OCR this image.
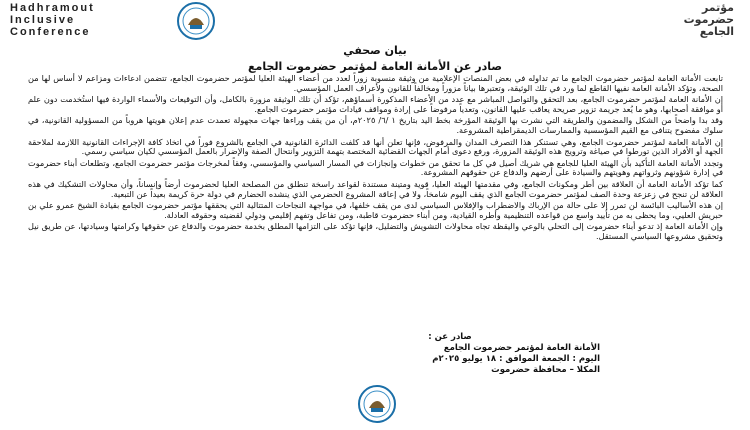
Hadhramout
Inclusive
Conference
مؤتمر
حضرموت
الجامع
بيان صحفي
صادر عن الأمانة العامة لمؤتمر حضرموت الجامع

تابعت الأمانة العامة لمؤتمر حضرموت الجامع ما تم تداوله في بعض المنصات الإعلامية من وثيقة منسوبة زوراً لعدد من أعضاء الهيئة العليا لمؤتمر حضرموت الجامع، تتضمن ادعاءات ومزاعم لا أساس لها من الصحة، وتؤكد الأمانة العامة نفيها القاطع لما ورد في تلك الوثيقة، وتعتبرها بياناً مزوراً ومخالفاً للقانون ولأعراف العمل المؤسسي.

إن الأمانة العامة لمؤتمر حضرموت الجامع، بعد التحقق والتواصل المباشر مع عدد من الأعضاء المذكورة أسماؤهم، تؤكد أن تلك الوثيقة مزورة بالكامل، وأن التوقيعات والأسماء الواردة فيها استُخدمت دون علم أو موافقة أصحابها، وهو ما يُعد جريمة تزوير صريحة يعاقب عليها القانون، وتعدياً مرفوضاً على إرادة ومواقف قيادات مؤتمر حضرموت الجامع.

وقد بدا واضحاً من الشكل والمضمون والطريقة التي نشرت بها الوثيقة المؤرخة بخط اليد بتاريخ ١ /٦/ ٢٠٢٥م، أن من يقف وراءها جهات مجهولة تعمدت عدم إعلان هويتها هروباً من المسؤولية القانونية، في سلوك مفضوح يتنافى مع القيم المؤسسية والممارسات الديمقراطية المشروعة.

إن الأمانة العامة لمؤتمر حضرموت الجامع، وهي تستنكر هذا التصرف المدان والمرفوض، فإنها تعلن أنها قد كلفت الدائرة القانونية في الجامع بالشروع فوراً في اتخاذ كافة الإجراءات القانونية اللازمة لملاحقة الجهة أو الأفراد الذين تورطوا في صياغة وترويج هذه الوثيقة المزورة، ورفع دعوى أمام الجهات القضائية المختصة بتهمة التزوير وانتحال الصفة والإضرار بالعمل المؤسسي لكيان سياسي رسمي.

وتجدد الأمانة العامة التأكيد بأن الهيئة العليا للجامع هي شريك أصيل في كل ما تحقق من خطوات وإنجازات في المسار السياسي والمؤسسي، وفقاً لمخرجات مؤتمر حضرموت الجامع، وتطلعات أبناء حضرموت في إدارة شؤونهم وثرواتهم وهويتهم والسيادة على أرضهم والدفاع عن حقوقهم المشروعة.

كما تؤكد الأمانة العامة أن العلاقة بين أطر ومكونات الجامع، وفي مقدمتها الهيئة العليا، قوية ومتينة مستندة لقواعد راسخة تنطلق من المصلحة العليا لحضرموت أرضاً وإنساناً، وأن محاولات التشكيك في هذه العلاقة لن تنجح في زعزعة وحدة الصف لمؤتمر حضرموت الجامع الذي يقف اليوم شامخاً، ولا في إعاقة المشروع الحضرمي الذي ينشده الحضارم في دولة حرة كريمة بعيداً عن التبعية.

إن هذه الأساليب البائسة لن تمرر إلا على حالة من الإرباك والاضطراب والإفلاس السياسي لدى من يقف خلفها، في مواجهة النجاحات المتتالية التي يحققها مؤتمر حضرموت الجامع بقيادة الشيخ عمرو علي بن حبريش العليي، وما يحظى به من تأييد واسع من قواعده التنظيمية وأطره القيادية، ومن أبناء حضرموت قاطبة، ومن تفاعل وتفهم إقليمي ودولي لقضيته وحقوقه العادلة.

وإن الأمانة العامة إذ تدعو أبناء حضرموت إلى التحلي بالوعي واليقظة تجاه محاولات التشويش والتضليل، فإنها تؤكد على التزامها المطلق بخدمة حضرموت والدفاع عن حقوقها وكرامتها وسيادتها، عن طريق نيل وتحقيق مشروعها السياسي المستقل.

صادر عن :
الأمانة العامة لمؤتمر حضرموت الجامع
اليوم : الجمعة الموافق : ١٨ يوليو ٢٠٢٥م
المكلا – محافظة حضرموت
